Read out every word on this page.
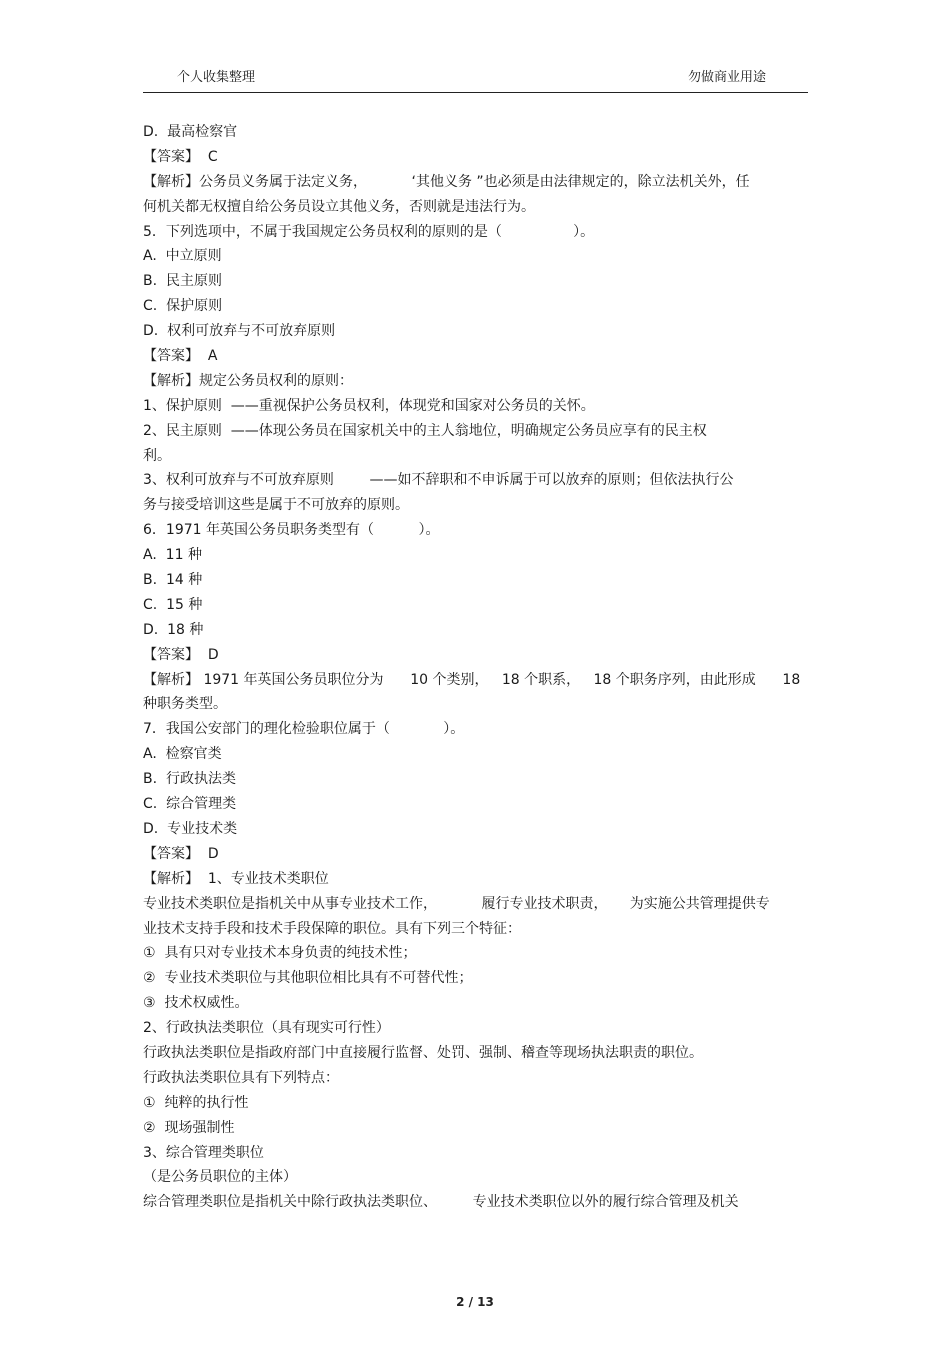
个人收集整理	勿做商业用途
D.  最高检察官
【答案】  C
【解析】公务员义务属于法定义务，          ‘其他义务 ”也必须是由法律规定的，除立法机关外，任
何机关都无权擅自给公务员设立其他义务，否则就是违法行为。
5．下列选项中，不属于我国规定公务员权利的原则的是（                ）。
A.  中立原则
B.  民主原则
C.  保护原则
D.  权利可放弃与不可放弃原则
【答案】  A
【解析】规定公务员权利的原则：
1、保护原则  ——重视保护公务员权利，体现党和国家对公务员的关怀。
2、民主原则  ——体现公务员在国家机关中的主人翁地位，明确规定公务员应享有的民主权
利。
3、权利可放弃与不可放弃原则        ——如不辞职和不申诉属于可以放弃的原则；但依法执行公
务与接受培训这些是属于不可放弃的原则。
6．1971 年英国公务员职务类型有（          ）。
A.  11 种
B.  14 种
C.  15 种
D.  18 种
【答案】  D
【解析】 1971 年英国公务员职位分为      10 个类别，   18 个职系，   18 个职务序列，由此形成      18
种职务类型。
7．我国公安部门的理化检验职位属于（            ）。
A.  检察官类
B.  行政执法类
C.  综合管理类
D.  专业技术类
【答案】  D
【解析】  1、专业技术类职位
专业技术类职位是指机关中从事专业技术工作，          履行专业技术职责，     为实施公共管理提供专
业技术支持手段和技术手段保障的职位。具有下列三个特征：
①  具有只对专业技术本身负责的纯技术性；
②  专业技术类职位与其他职位相比具有不可替代性；
③  技术权威性。
2、行政执法类职位（具有现实可行性）
行政执法类职位是指政府部门中直接履行监督、处罚、强制、稽查等现场执法职责的职位。
行政执法类职位具有下列特点：
①  纯粹的执行性
②  现场强制性
3、综合管理类职位
（是公务员职位的主体）
综合管理类职位是指机关中除行政执法类职位、        专业技术类职位以外的履行综合管理及机关
2 / 13
